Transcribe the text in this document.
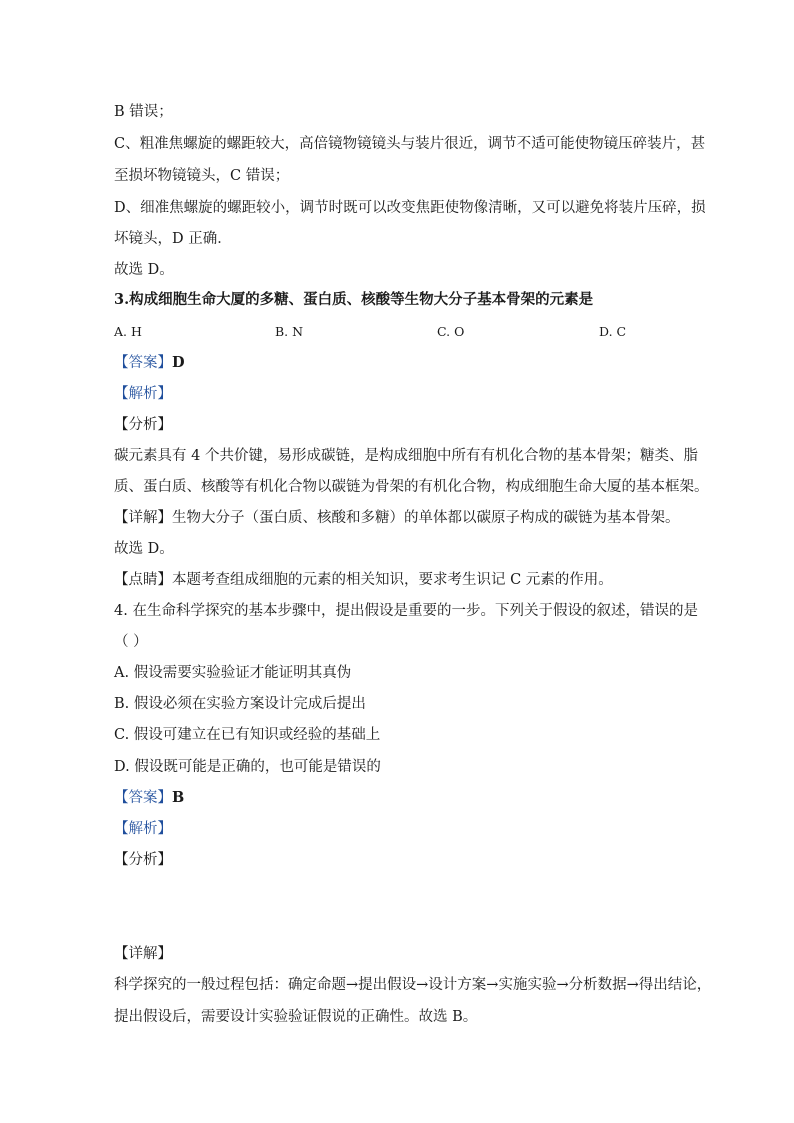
B 错误；
C、粗准焦螺旋的螺距较大，高倍镜物镜镜头与装片很近，调节不适可能使物镜压碎装片，甚
至损坏物镜镜头，C 错误；
D、细准焦螺旋的螺距较小，调节时既可以改变焦距使物像清晰，又可以避免将装片压碎，损
坏镜头，D 正确．
故选 D。
3.构成细胞生命大厦的多糖、蛋白质、核酸等生物大分子基本骨架的元素是
A. H	B. N	C. O	D. C
【答案】D
【解析】
【分析】
碳元素具有 4 个共价键，易形成碳链，是构成细胞中所有有机化合物的基本骨架；糖类、脂
质、蛋白质、核酸等有机化合物以碳链为骨架的有机化合物，构成细胞生命大厦的基本框架。
【详解】生物大分子（蛋白质、核酸和多糖）的单体都以碳原子构成的碳链为基本骨架。
故选 D。
【点睛】本题考查组成细胞的元素的相关知识，要求考生识记 C 元素的作用。
4. 在生命科学探究的基本步骤中，提出假设是重要的一步。下列关于假设的叙述，错误的是
（ ）
A. 假设需要实验验证才能证明其真伪
B. 假设必须在实验方案设计完成后提出
C. 假设可建立在已有知识或经验的基础上
D. 假设既可能是正确的，也可能是错误的
【答案】B
【解析】
【分析】
【详解】
科学探究的一般过程包括：确定命题→提出假设→设计方案→实施实验→分析数据→得出结论，
提出假设后，需要设计实验验证假说的正确性。故选 B。
